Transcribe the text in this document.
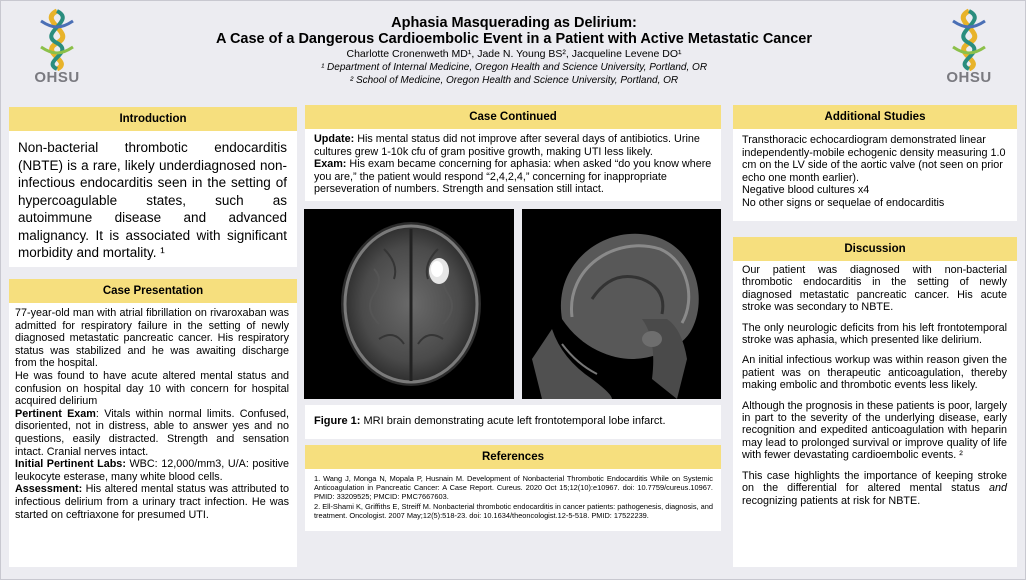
OHSU	OHSU
Aphasia Masquerading as Delirium:
A Case of a Dangerous Cardioembolic Event in a Patient with Active Metastatic Cancer
Charlotte Cronenweth MD¹, Jade N. Young BS², Jacqueline Levene DO¹
¹ Department of Internal Medicine, Oregon Health and Science University, Portland, OR
² School of Medicine, Oregon Health and Science University, Portland, OR
Introduction
Non-bacterial thrombotic endocarditis (NBTE) is a rare, likely underdiagnosed non-infectious endocarditis seen in the setting of hypercoagulable states, such as autoimmune disease and advanced malignancy. It is associated with significant morbidity and mortality. ¹
Case Presentation
77-year-old man with atrial fibrillation on rivaroxaban was admitted for respiratory failure in the setting of newly diagnosed metastatic pancreatic cancer. His respiratory status was stabilized and he was awaiting discharge from the hospital.
He was found to have acute altered mental status and confusion on hospital day 10 with concern for hospital acquired delirium
Pertinent Exam: Vitals within normal limits. Confused, disoriented, not in distress, able to answer yes and no questions, easily distracted. Strength and sensation intact. Cranial nerves intact.
Initial Pertinent Labs: WBC: 12,000/mm3, U/A: positive leukocyte esterase, many white blood cells.
Assessment: His altered mental status was attributed to infectious delirium from a urinary tract infection. He was started on ceftriaxone for presumed UTI.
Case Continued
Update: His mental status did not improve after several days of antibiotics. Urine cultures grew 1-10k cfu of gram positive growth, making UTI less likely.
Exam: His exam became concerning for aphasia: when asked “do you know where you are,” the patient would respond “2,4,2,4,” concerning for inappropriate perseveration of numbers. Strength and sensation still intact.
Figure 1: MRI brain demonstrating acute left frontotemporal lobe infarct.
References
1. Wang J, Monga N, Mopala P, Husnain M. Development of Nonbacterial Thrombotic Endocarditis While on Systemic Anticoagulation in Pancreatic Cancer: A Case Report. Cureus. 2020 Oct 15;12(10):e10967. doi: 10.7759/cureus.10967. PMID: 33209525; PMCID: PMC7667603.
2. Ell-Shami K, Griffiths E, Streiff M. Nonbacterial thrombotic endocarditis in cancer patients: pathogenesis, diagnosis, and treatment. Oncologist. 2007 May;12(5):518-23. doi: 10.1634/theoncologist.12-5-518. PMID: 17522239.
Additional Studies
Transthoracic echocardiogram demonstrated linear independently-mobile echogenic density measuring 1.0 cm on the LV side of the aortic valve (not seen on prior echo one month earlier).
Negative blood cultures x4
No other signs or sequelae of endocarditis
Discussion
Our patient was diagnosed with non-bacterial thrombotic endocarditis in the setting of newly diagnosed metastatic pancreatic cancer. His acute stroke was secondary to NBTE.
The only neurologic deficits from his left frontotemporal stroke was aphasia, which presented like delirium.
An initial infectious workup was within reason given the patient was on therapeutic anticoagulation, thereby making embolic and thrombotic events less likely.
Although the prognosis in these patients is poor, largely in part to the severity of the underlying disease, early recognition and expedited anticoagulation with heparin may lead to prolonged survival or improve quality of life with fewer devastating cardioembolic events. ²
This case highlights the importance of keeping stroke on the differential for altered mental status and recognizing patients at risk for NBTE.
